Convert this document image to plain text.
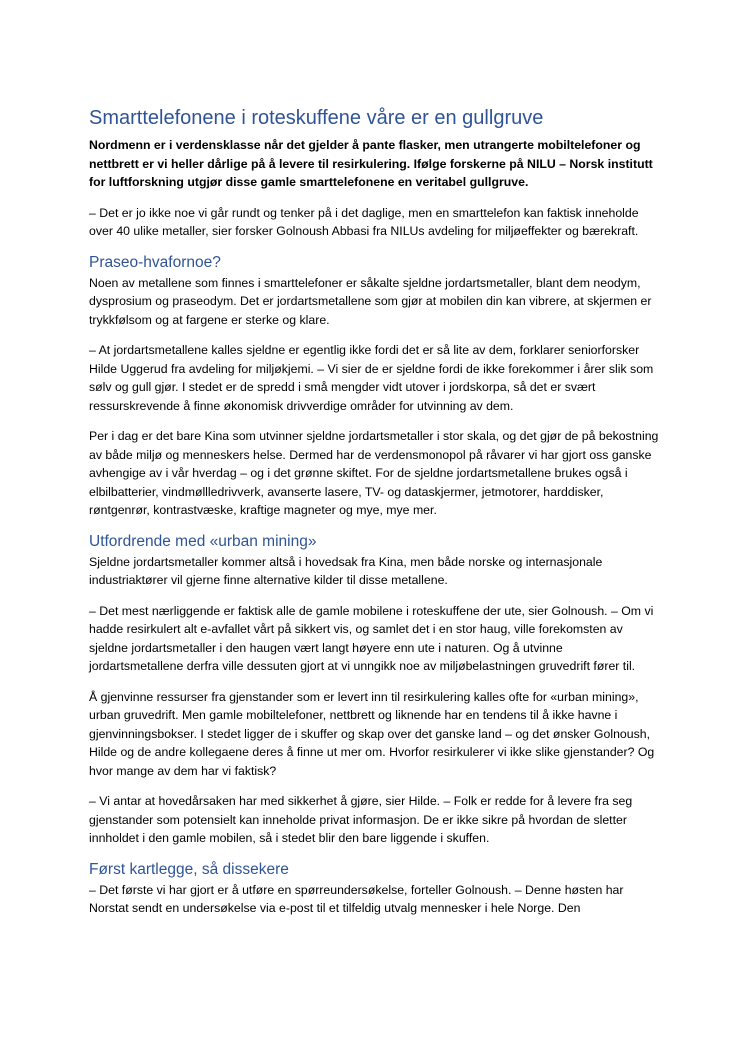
Smarttelefonene i roteskuffene våre er en gullgruve

Nordmenn er i verdensklasse når det gjelder å pante flasker, men utrangerte mobiltelefoner og nettbrett er vi heller dårlige på å levere til resirkulering. Ifølge forskerne på NILU – Norsk institutt for luftforskning utgjør disse gamle smarttelefonene en veritabel gullgruve.

– Det er jo ikke noe vi går rundt og tenker på i det daglige, men en smarttelefon kan faktisk inneholde over 40 ulike metaller, sier forsker Golnoush Abbasi fra NILUs avdeling for miljøeffekter og bærekraft.

Praseo-hvafornoe?

Noen av metallene som finnes i smarttelefoner er såkalte sjeldne jordartsmetaller, blant dem neodym, dysprosium og praseodym. Det er jordartsmetallene som gjør at mobilen din kan vibrere, at skjermen er trykkfølsom og at fargene er sterke og klare.

– At jordartsmetallene kalles sjeldne er egentlig ikke fordi det er så lite av dem, forklarer seniorforsker Hilde Uggerud fra avdeling for miljøkjemi. – Vi sier de er sjeldne fordi de ikke forekommer i årer slik som sølv og gull gjør. I stedet er de spredd i små mengder vidt utover i jordskorpa, så det er svært ressurskrevende å finne økonomisk drivverdige områder for utvinning av dem.

Per i dag er det bare Kina som utvinner sjeldne jordartsmetaller i stor skala, og det gjør de på bekostning av både miljø og menneskers helse. Dermed har de verdensmonopol på råvarer vi har gjort oss ganske avhengige av i vår hverdag – og i det grønne skiftet. For de sjeldne jordartsmetallene brukes også i elbilbatterier, vindmøllledrivverk, avanserte lasere, TV- og dataskjermer, jetmotorer, harddisker, røntgenrør, kontrastvæske, kraftige magneter og mye, mye mer.

Utfordrende med «urban mining»

Sjeldne jordartsmetaller kommer altså i hovedsak fra Kina, men både norske og internasjonale industriaktører vil gjerne finne alternative kilder til disse metallene.

– Det mest nærliggende er faktisk alle de gamle mobilene i roteskuffene der ute, sier Golnoush. – Om vi hadde resirkulert alt e-avfallet vårt på sikkert vis, og samlet det i en stor haug, ville forekomsten av sjeldne jordartsmetaller i den haugen vært langt høyere enn ute i naturen. Og å utvinne jordartsmetallene derfra ville dessuten gjort at vi unngikk noe av miljøbelastningen gruvedrift fører til.

Å gjenvinne ressurser fra gjenstander som er levert inn til resirkulering kalles ofte for «urban mining», urban gruvedrift. Men gamle mobiltelefoner, nettbrett og liknende har en tendens til å ikke havne i gjenvinningsbokser. I stedet ligger de i skuffer og skap over det ganske land – og det ønsker Golnoush, Hilde og de andre kollegaene deres å finne ut mer om. Hvorfor resirkulerer vi ikke slike gjenstander? Og hvor mange av dem har vi faktisk?

– Vi antar at hovedårsaken har med sikkerhet å gjøre, sier Hilde. – Folk er redde for å levere fra seg gjenstander som potensielt kan inneholde privat informasjon. De er ikke sikre på hvordan de sletter innholdet i den gamle mobilen, så i stedet blir den bare liggende i skuffen.

Først kartlegge, så dissekere

– Det første vi har gjort er å utføre en spørreundersøkelse, forteller Golnoush. – Denne høsten har Norstat sendt en undersøkelse via e-post til et tilfeldig utvalg mennesker i hele Norge. Den
